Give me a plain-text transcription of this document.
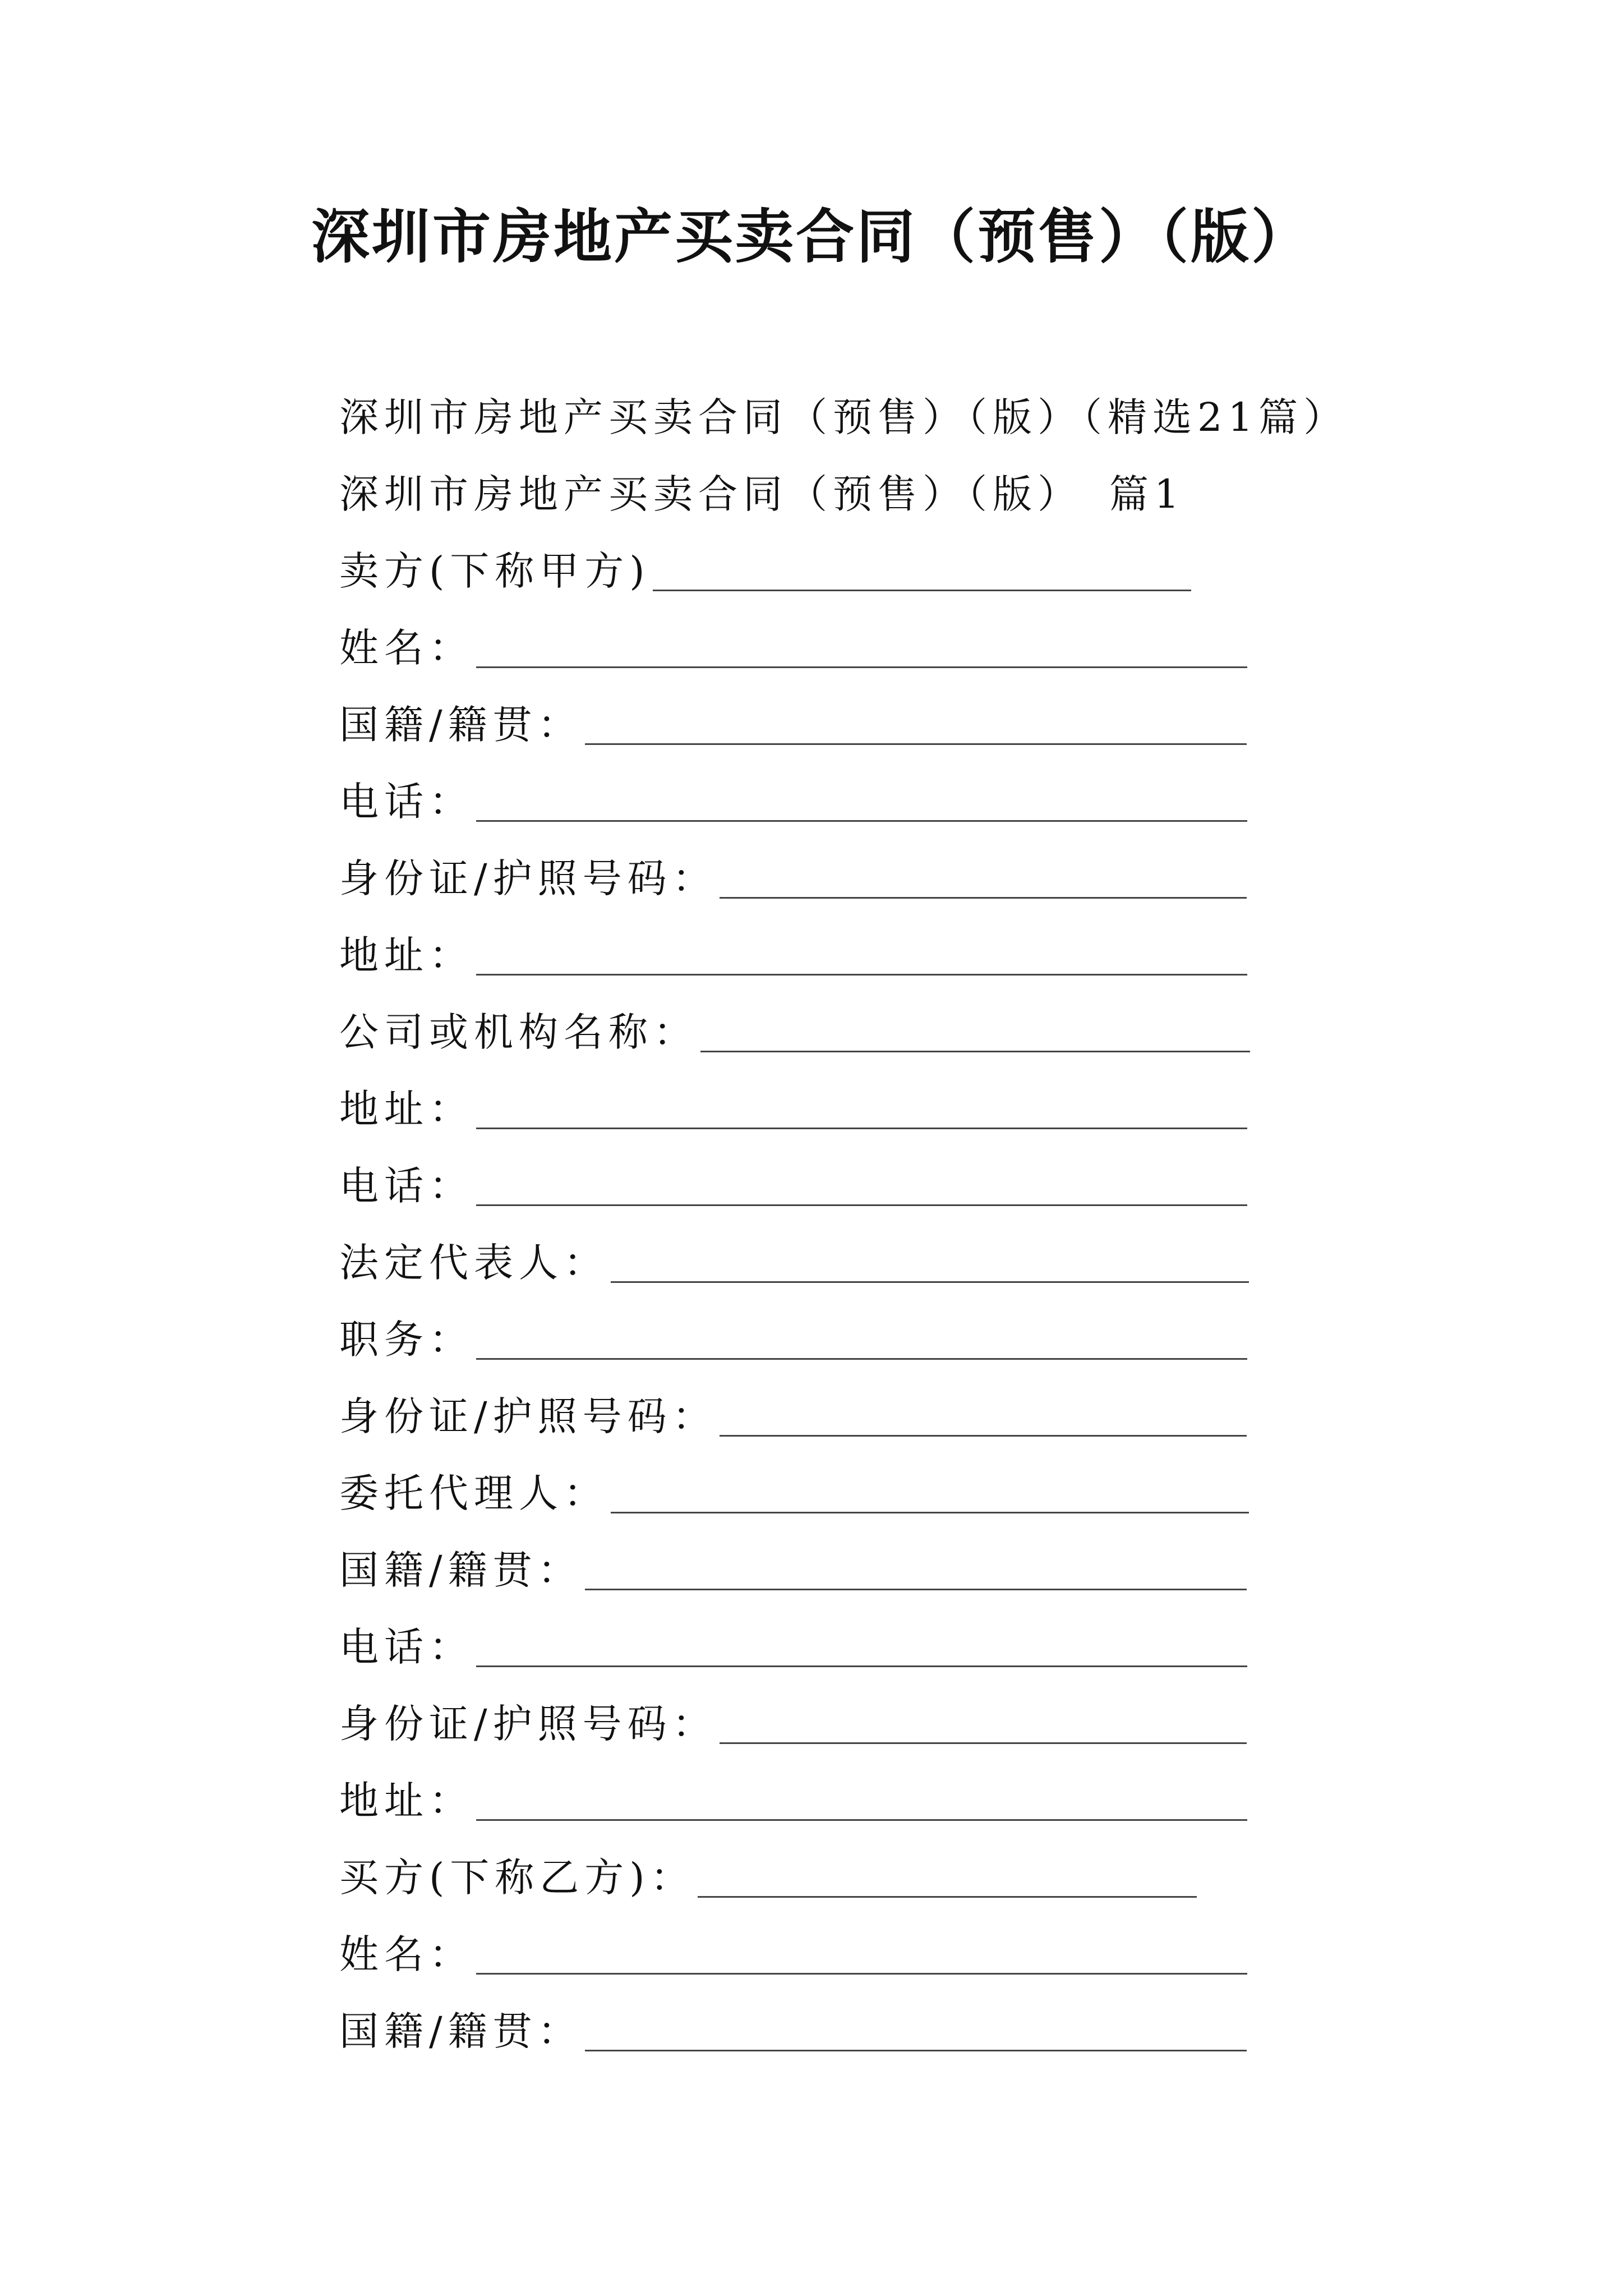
深圳市房地产买卖合同（预售）（版）
深圳市房地产买卖合同（预售）（版）（精选21篇）
深圳市房地产买卖合同（预售）（版） 篇1
卖方(下称甲方)
姓名：
国籍/籍贯：
电话：
身份证/护照号码：
地址：
公司或机构名称：
地址：
电话：
法定代表人：
职务：
身份证/护照号码：
委托代理人：
国籍/籍贯：
电话：
身份证/护照号码：
地址：
买方(下称乙方)：
姓名：
国籍/籍贯：
